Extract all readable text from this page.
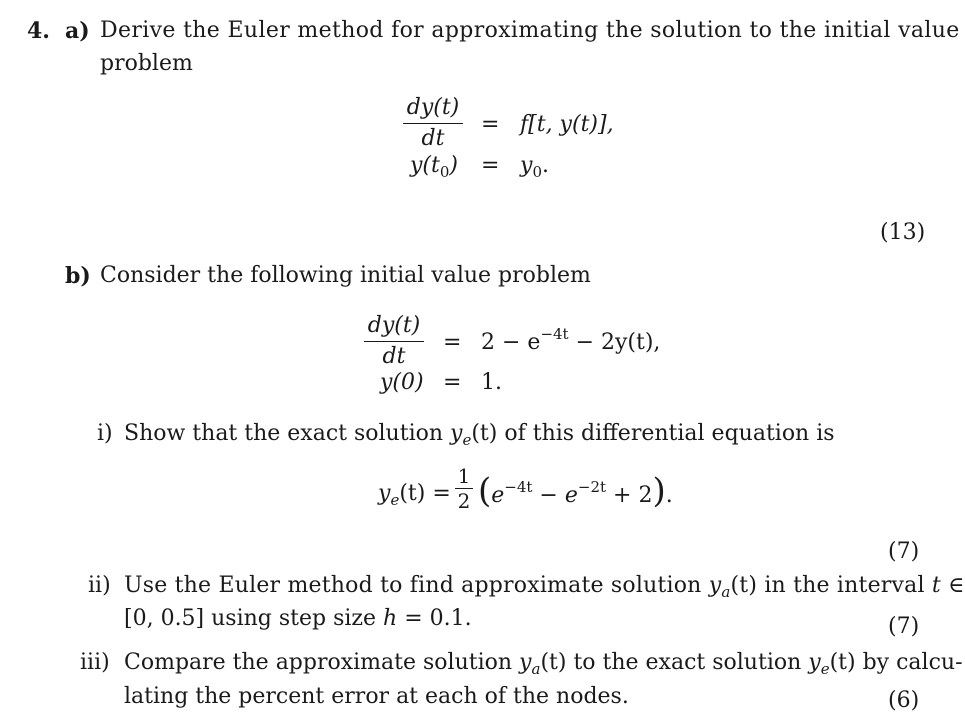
4. a) Derive the Euler method for approximating the solution to the initial value
problem
dy(t)
dt
= f[t, y(t)],
$y(t_0) = y_0$.
(13)
b) Consider the following initial value problem
dy(t)
dt
= $2 - e^{-4t} - 2y(t)$,
y(0) = 1.
i) Show that the exact solution $y_e(t)$ of this differential equation is
$y_e(t)$ =
1
2 $(e^{-4t} - e^{-2t} + 2)$.
(7)
ii) Use the Euler method to find approximate solution $y_a(t)$ in the interval t ∈
[0, 0.5] using step size h = 0.1.	(7)
iii) Compare the approximate solution $y_a(t)$ to the exact solution $y_e(t)$ by calcu-
lating the percent error at each of the nodes.	(6)
